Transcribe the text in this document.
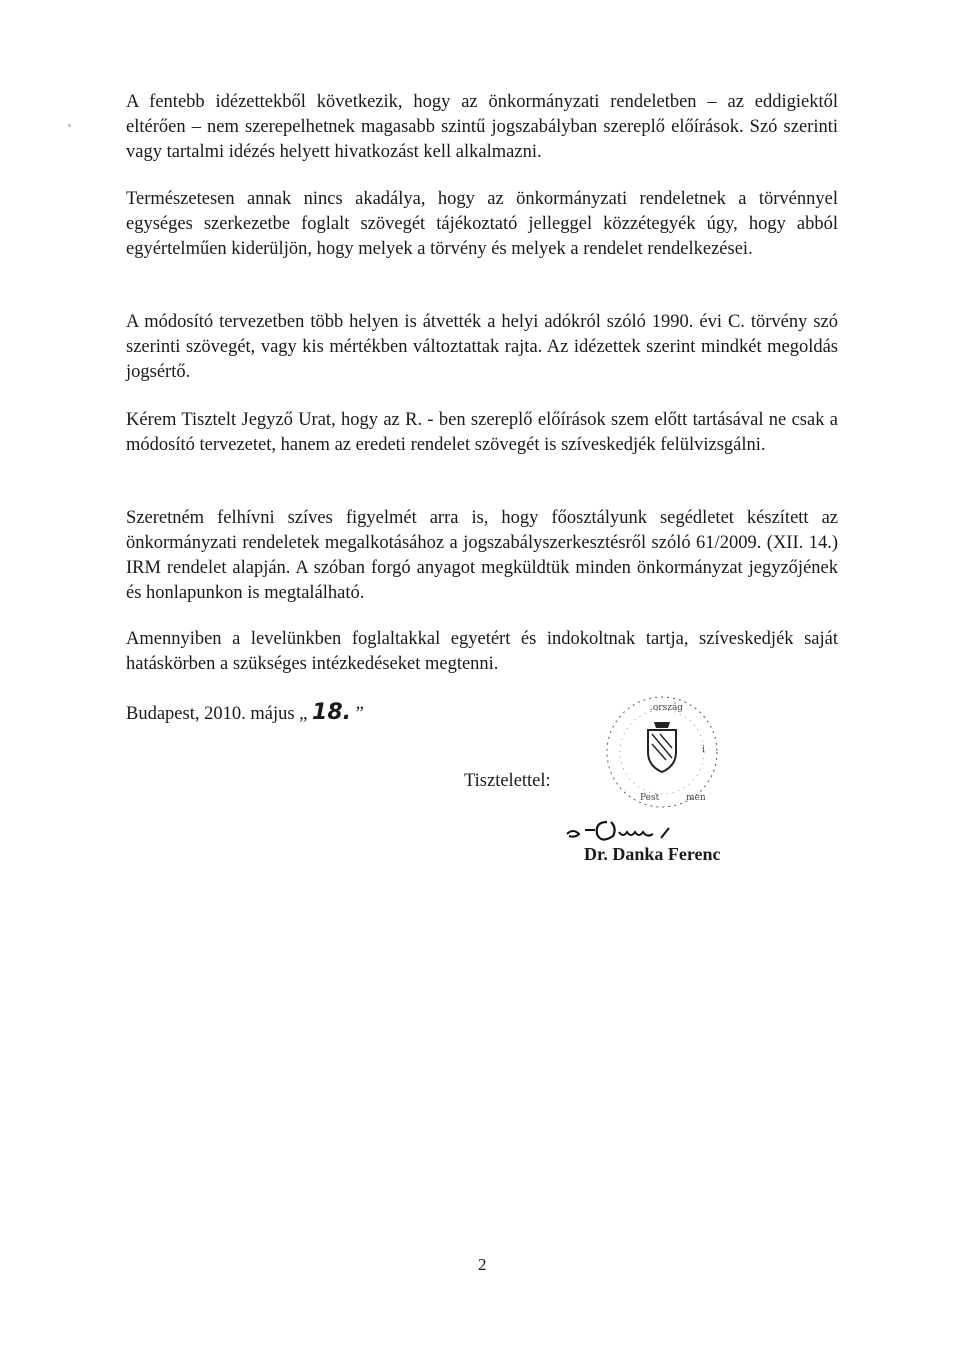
A fentebb idézettekből következik, hogy az önkormányzati rendeletben – az eddigiektől eltérően – nem szerepelhetnek magasabb szintű jogszabályban szereplő előírások. Szó szerinti vagy tartalmi idézés helyett hivatkozást kell alkalmazni.

Természetesen annak nincs akadálya, hogy az önkormányzati rendeletnek a törvénnyel egységes szerkezetbe foglalt szövegét tájékoztató jelleggel közzétegyék úgy, hogy abból egyértelműen kiderüljön, hogy melyek a törvény és melyek a rendelet rendelkezései.

A módosító tervezetben több helyen is átvették a helyi adókról szóló 1990. évi C. törvény szó szerinti szövegét, vagy kis mértékben változtattak rajta. Az idézettek szerint mindkét megoldás jogsértő.

Kérem Tisztelt Jegyző Urat, hogy az R. - ben szereplő előírások szem előtt tartásával ne csak a módosító tervezetet, hanem az eredeti rendelet szövegét is szíveskedjék felülvizsgálni.

Szeretném felhívni szíves figyelmét arra is, hogy főosztályunk segédletet készített az önkormányzati rendeletek megalkotásához a jogszabályszerkesztésről szóló 61/2009. (XII. 14.) IRM rendelet alapján. A szóban forgó anyagot megküldtük minden önkormányzat jegyzőjének és honlapunkon is megtalálható.

Amennyiben a levelünkben foglaltakkal egyetért és indokoltnak tartja, szíveskedjék saját hatáskörben a szükséges intézkedéseket megtenni.

Budapest, 2010. május „ 18. ”	.ország
i
Pest	men
Tisztelettel:
Dr. Danka Ferenc
2
